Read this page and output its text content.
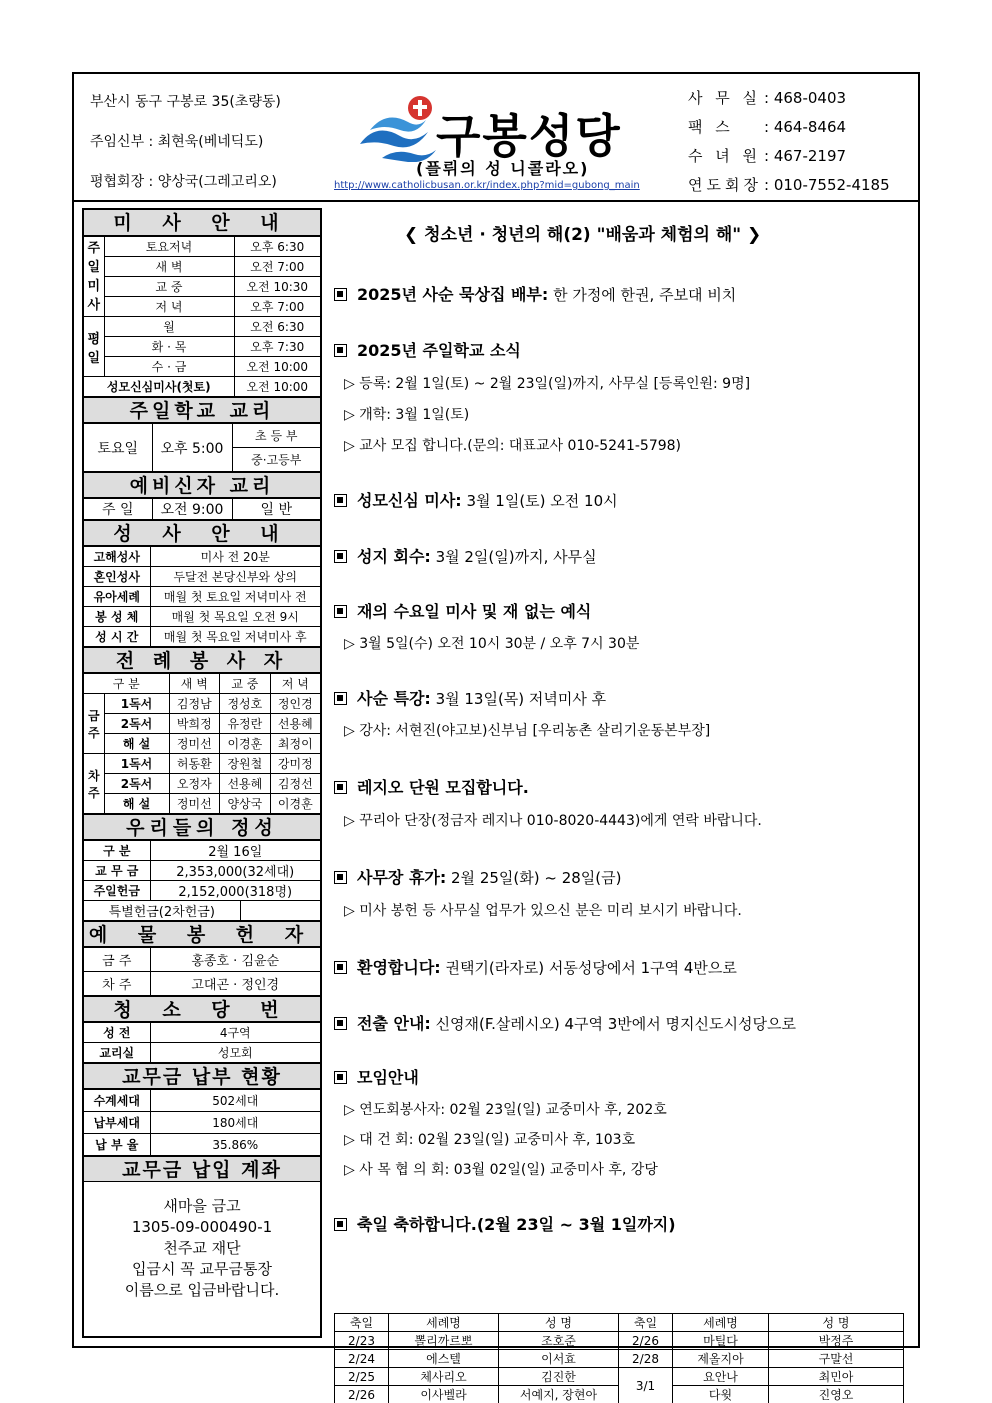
부산시 동구 구봉로 35(초량동)
주임신부 : 최현욱(베네딕도)
평협회장 : 양상국(그레고리오)
구봉성당
(플뤼의 성 니콜라오)
http://www.catholicbusan.or.kr/index.php?mid=gubong_main
사 무 실 : 468-0403
팩 스 : 464-8464
수 녀 원 : 467-2197
연도회장 : 010-7552-4185
미 사 안 내
주일미사	토요저녁	오후 6:30
	새 벽	오전 7:00
	교 중	오전 10:30
	저 녁	오후 7:00
평일	월	오전 6:30
	화 · 목	오후 7:30
	수 · 금	오전 10:00
성모신심미사(첫토)		오전 10:00
주일학교 교리
토요일	오후 5:00	초 등 부
중·고등부
예비신자 교리
주 일	오전 9:00	일 반
성 사 안 내
고해성사	미사 전 20분
혼인성사	두달전 본당신부와 상의
유아세례	매월 첫 토요일 저녁미사 전
봉 성 체	매월 첫 목요일 오전 9시
성 시 간	매월 첫 목요일 저녁미사 후
전 례 봉 사 자
구 분		새 벽	교 중	저 녁
금주	1독서	김정남	정성호	정인경
	2독서	박희정	유정란	선용혜
	해 설	정미선	이경훈	최정이
차주	1독서	허동환	장원철	강미정
	2독서	오정자	선용혜	김정선
	해 설	정미선	양상국	이경훈
우리들의 정성
구 분	2월 16일	
교 무 금	2,353,000(32세대)	
주일헌금	2,152,000(318명)	
특별헌금(2차헌금)		
예 물 봉 헌 자
금 주	홍종호 · 김윤순
차 주	고대곤 · 정인경
청 소 당 번
성 전	4구역
교리실	성모회
교무금 납부 현황
수계세대	502세대
납부세대	180세대
납 부 율	35.86%
교무금 납입 계좌
새마을 금고
1305-09-000490-1
천주교 재단
입금시 꼭 교무금통장
이름으로 입금바랍니다.
❮ 청소년 · 청년의 해(2) "배움과 체험의 해" ❯
2025년 사순 묵상집 배부: 한 가정에 한권, 주보대 비치
2025년 주일학교 소식
▷ 등록: 2월 1일(토) ~ 2월 23일(일)까지, 사무실 [등록인원: 9명]
▷ 개학: 3월 1일(토)
▷ 교사 모집 합니다.(문의: 대표교사 010-5241-5798)
성모신심 미사: 3월 1일(토) 오전 10시
성지 회수: 3월 2일(일)까지, 사무실
재의 수요일 미사 및 재 없는 예식
▷ 3월 5일(수) 오전 10시 30분 / 오후 7시 30분
사순 특강: 3월 13일(목) 저녁미사 후
▷ 강사: 서현진(야고보)신부님 [우리농촌 살리기운동본부장]
레지오 단원 모집합니다.
▷ 꾸리아 단장(정금자 레지나 010-8020-4443)에게 연락 바랍니다.
사무장 휴가: 2월 25일(화) ~ 28일(금)
▷ 미사 봉헌 등 사무실 업무가 있으신 분은 미리 보시기 바랍니다.
환영합니다: 권택기(라자로) 서동성당에서 1구역 4반으로
전출 안내: 신영재(F.살레시오) 4구역 3반에서 명지신도시성당으로
모임안내
▷ 연도회봉사자: 02월 23일(일) 교중미사 후, 202호
▷ 대 건 회: 02월 23일(일) 교중미사 후, 103호
▷ 사 목 협 의 회: 03월 02일(일) 교중미사 후, 강당
축일 축하합니다.(2월 23일 ~ 3월 1일까지)
축일	세례명	성 명	축일	세례명	성 명
2/23	뽈리까르뽀	조호준	2/26	마틸다	박정주
2/24	에스텔	이서효	2/28	제올지아	구말선
2/25	체사리오	김진한	3/1	요안나	최민아
2/26	이사벨라	서예지, 장현아		다윗	진영오
